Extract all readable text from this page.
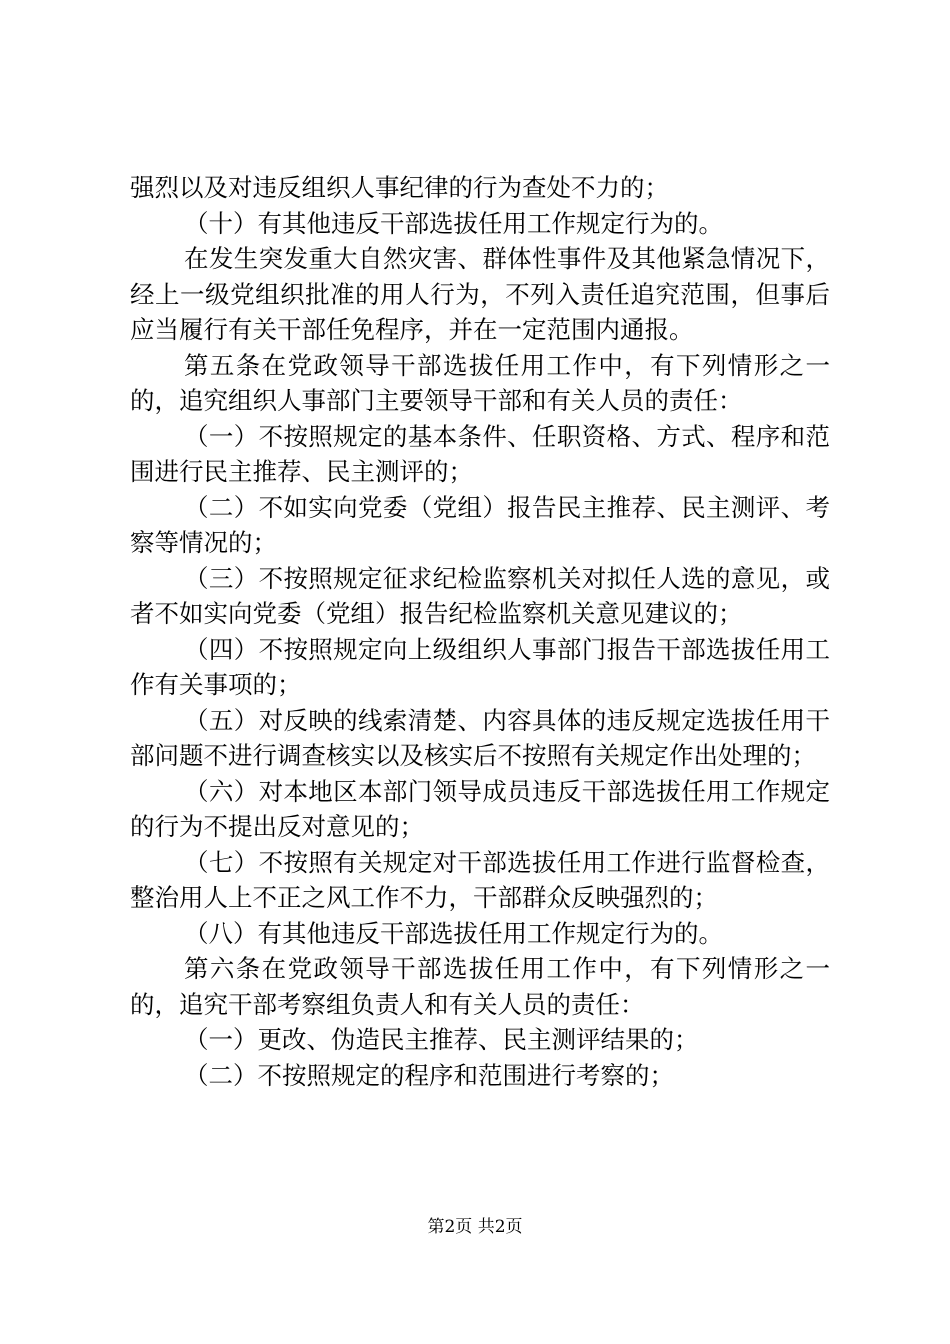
强烈以及对违反组织人事纪律的行为查处不力的；

（十）有其他违反干部选拔任用工作规定行为的。

在发生突发重大自然灾害、群体性事件及其他紧急情况下，经上一级党组织批准的用人行为，不列入责任追究范围，但事后应当履行有关干部任免程序，并在一定范围内通报。

第五条在党政领导干部选拔任用工作中，有下列情形之一的，追究组织人事部门主要领导干部和有关人员的责任：

（一）不按照规定的基本条件、任职资格、方式、程序和范围进行民主推荐、民主测评的；

（二）不如实向党委（党组）报告民主推荐、民主测评、考察等情况的；

（三）不按照规定征求纪检监察机关对拟任人选的意见，或者不如实向党委（党组）报告纪检监察机关意见建议的；

（四）不按照规定向上级组织人事部门报告干部选拔任用工作有关事项的；

（五）对反映的线索清楚、内容具体的违反规定选拔任用干部问题不进行调查核实以及核实后不按照有关规定作出处理的；

（六）对本地区本部门领导成员违反干部选拔任用工作规定的行为不提出反对意见的；

（七）不按照有关规定对干部选拔任用工作进行监督检查，整治用人上不正之风工作不力，干部群众反映强烈的；

（八）有其他违反干部选拔任用工作规定行为的。

第六条在党政领导干部选拔任用工作中，有下列情形之一的，追究干部考察组负责人和有关人员的责任：

（一）更改、伪造民主推荐、民主测评结果的；

（二）不按照规定的程序和范围进行考察的；

第2页 共2页
